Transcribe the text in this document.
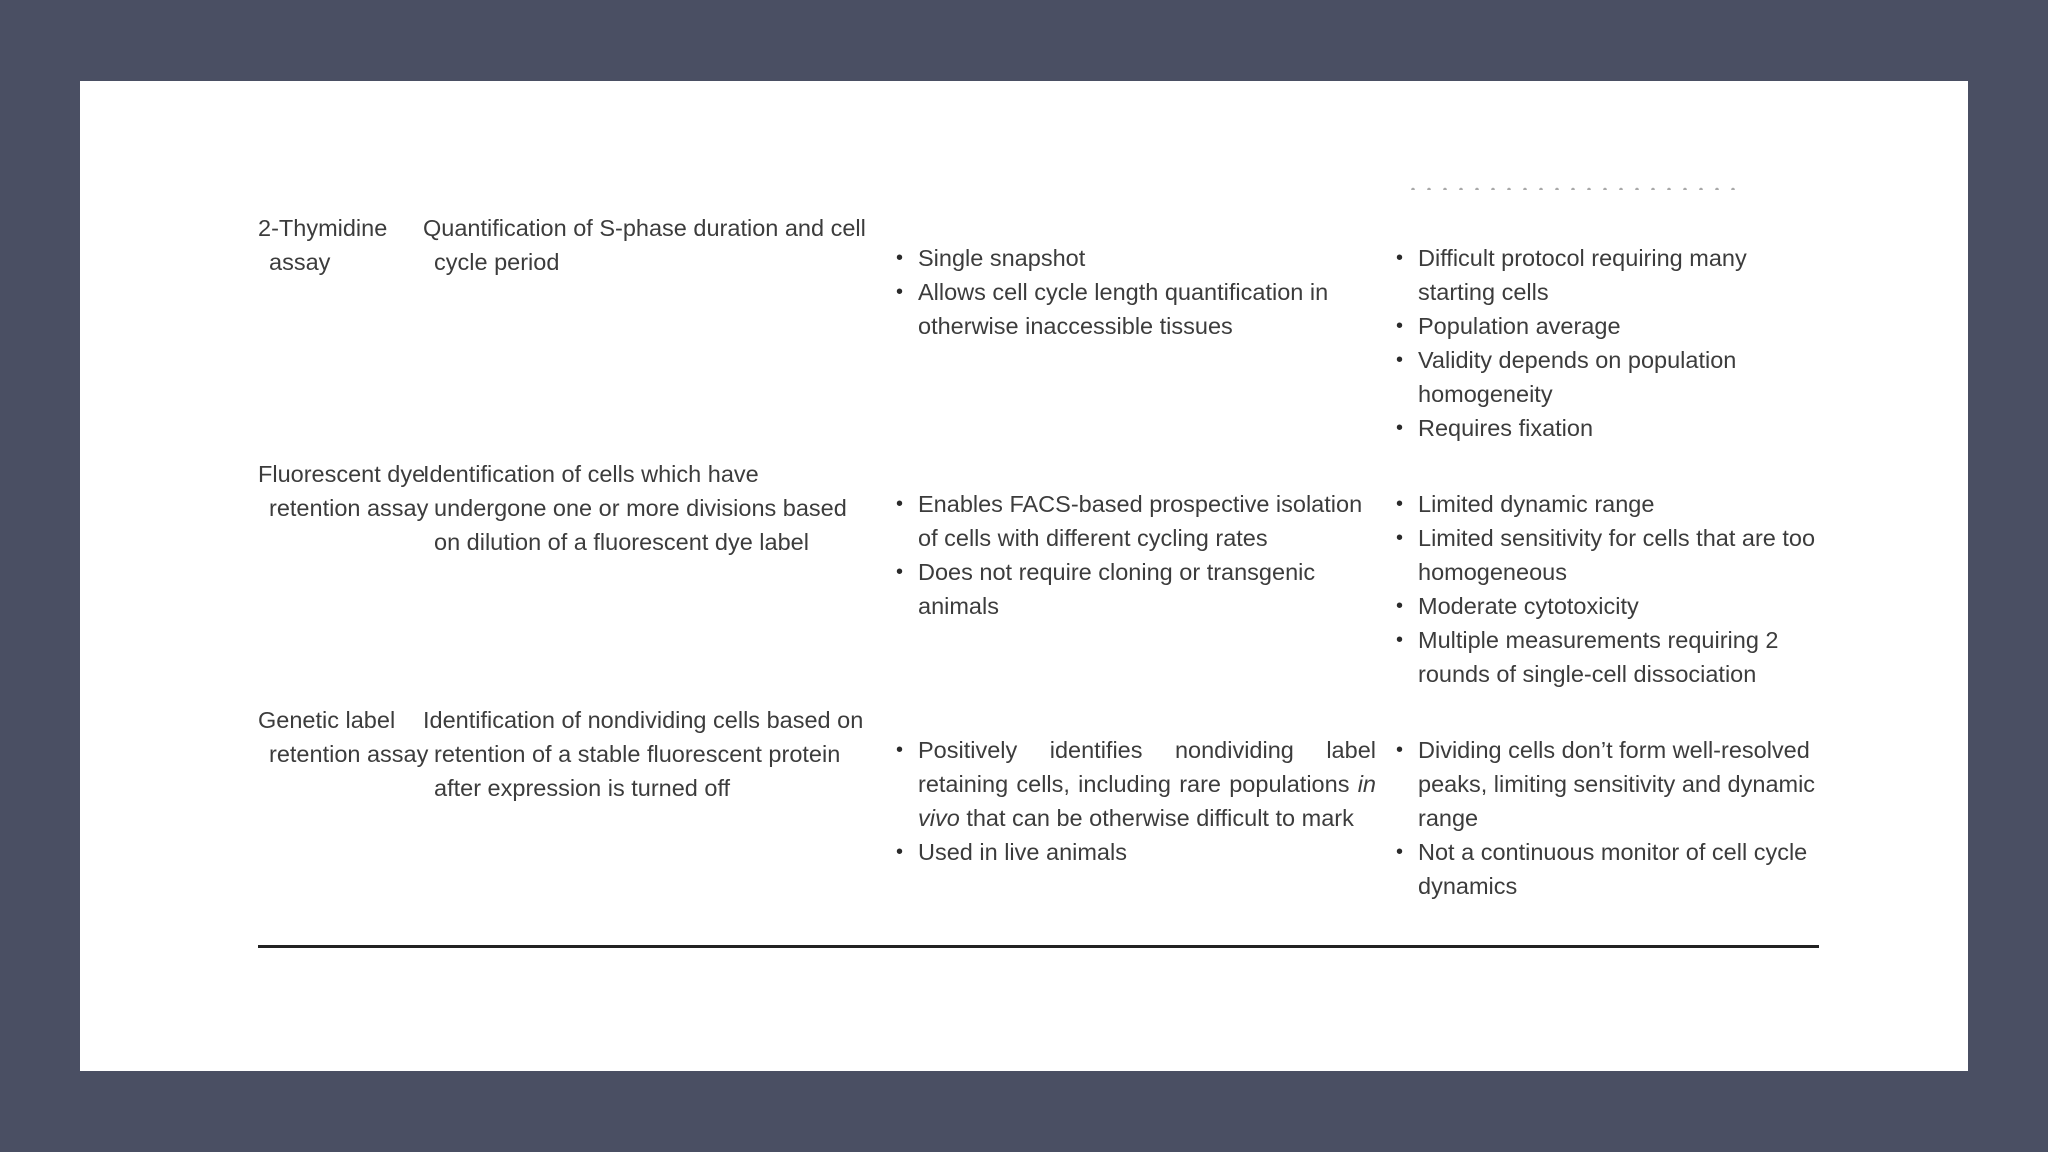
2-Thymidine assay
Quantification of S-phase duration and cell cycle period	• Single snapshot
• Allows cell cycle length quantification in otherwise inaccessible tissues
• Difficult protocol requiring many starting cells
• Population average
• Validity depends on population homogeneity
• Requires fixation
Fluorescent dye retention assay
Identification of cells which have undergone one or more divisions based on dilution of a fluorescent dye label
• Enables FACS-based prospective isolation of cells with different cycling rates
• Does not require cloning or transgenic animals
• Limited dynamic range
• Limited sensitivity for cells that are too homogeneous
• Moderate cytotoxicity
• Multiple measurements requiring 2 rounds of single-cell dissociation
Genetic label retention assay
Identification of nondividing cells based on retention of a stable fluorescent protein after expression is turned off
• Positively identifies nondividing label retaining cells, including rare populations in vivo that can be otherwise difficult to mark
• Used in live animals
• Dividing cells don’t form well-resolved peaks, limiting sensitivity and dynamic range
• Not a continuous monitor of cell cycle dynamics
